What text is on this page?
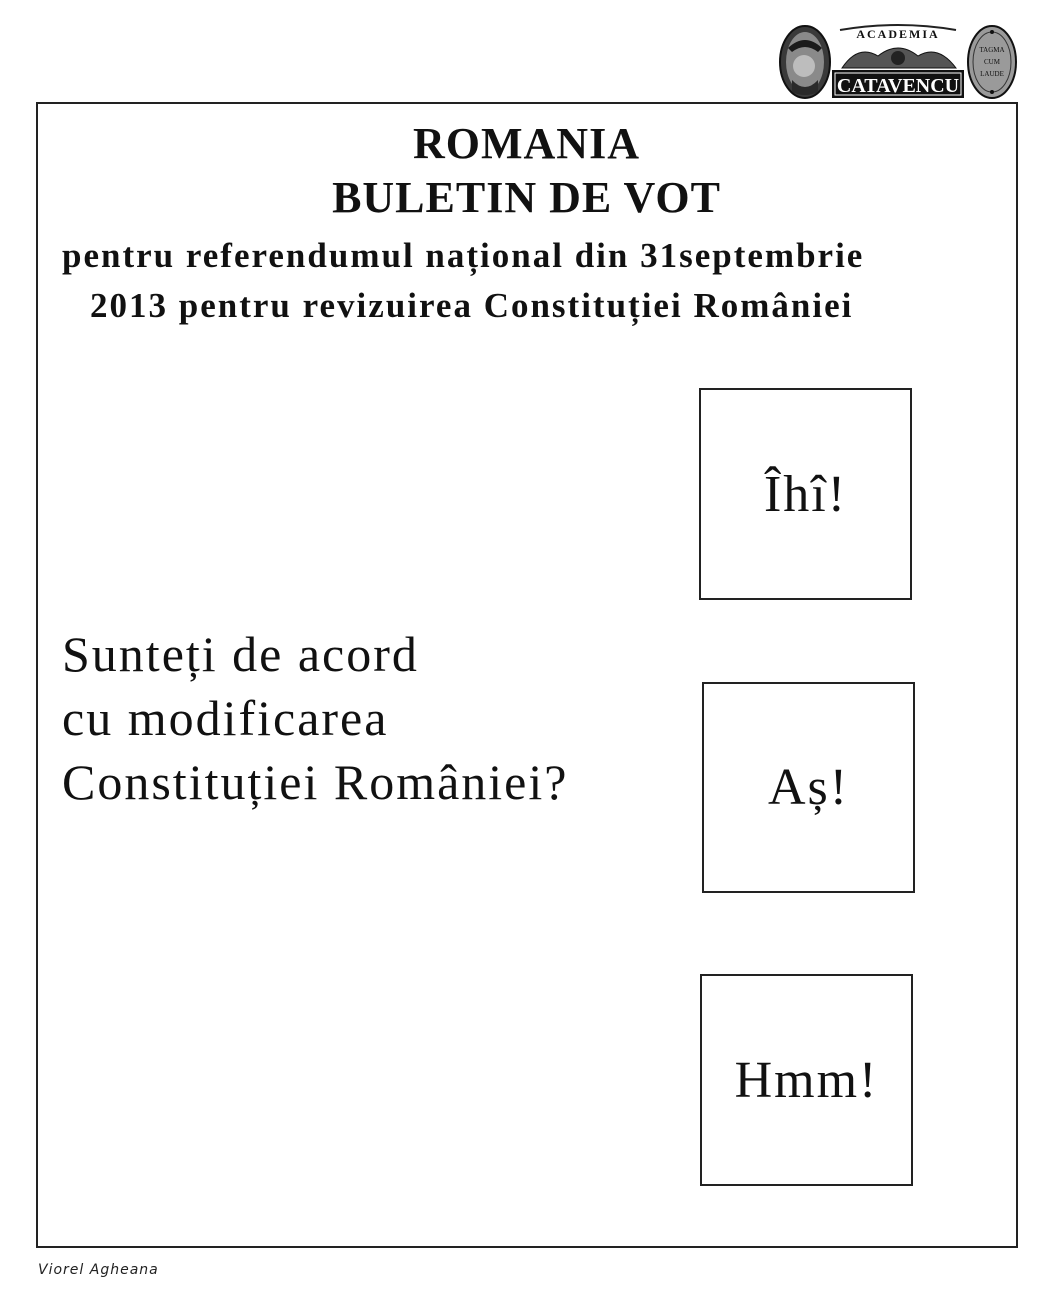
ACADEMIA
CATAVENCU
TAGMA
CUM
LAUDE
ROMANIA
BULETIN DE VOT
pentru referendumul național din 31septembrie
2013 pentru revizuirea Constituției României
Sunteți de acord
cu modificarea
Constituției României?
Îhî!
Aș!
Hmm!
Viorel Agheana
